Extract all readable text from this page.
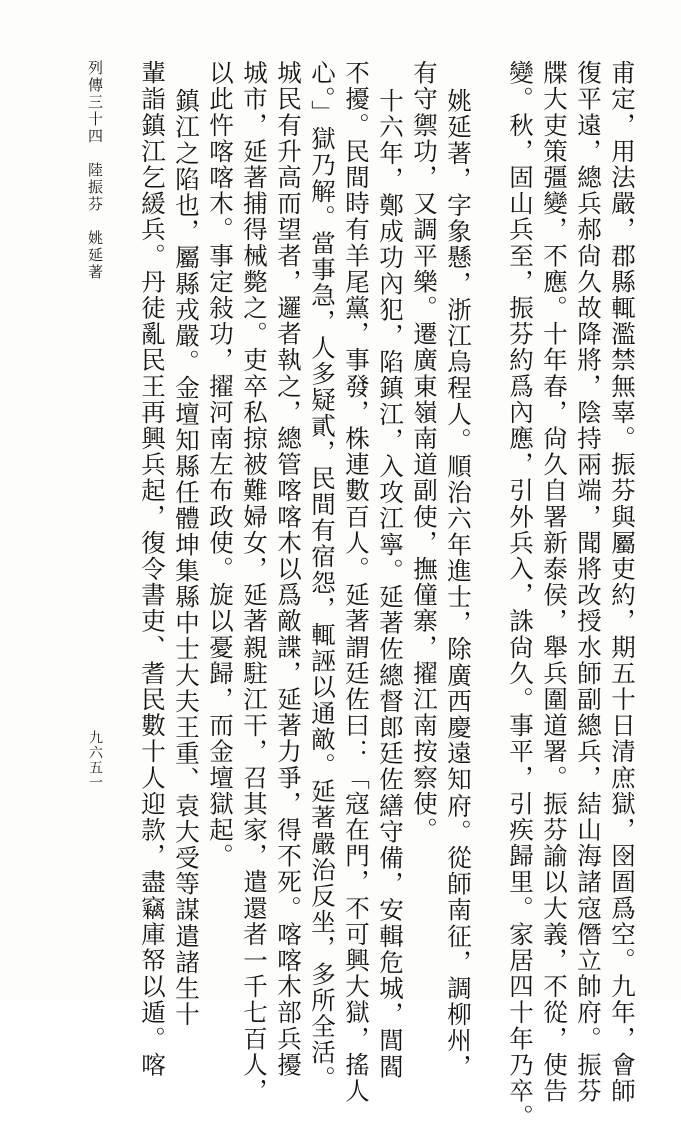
甫定，用法嚴，郡縣輒濫禁無辜。振芬與屬吏約，期五十日清庶獄，囹圄爲空。九年，會師
復平遠，總兵郝尙久故降將，陰持兩端，聞將改授水師副總兵，結山海諸寇僭立帥府。振芬
牒大吏策彊變，不應。十年春，尙久自署新泰侯，舉兵圍道署。振芬諭以大義，不從，使告
變。秋，固山兵至，振芬約爲內應，引外兵入，誅尙久。事平，引疾歸里。家居四十年乃卒。
姚延著，字象懸，浙江烏程人。順治六年進士，除廣西慶遠知府。從師南征，調柳州，
有守禦功，又調平樂。遷廣東嶺南道副使，撫僮寨，擢江南按察使。
十六年，鄭成功內犯，陷鎮江，入攻江寧。延著佐總督郎廷佐繕守備，安輯危城，閭閻
不擾。民間時有羊尾黨，事發，株連數百人。延著謂廷佐曰：「寇在門，不可興大獄，搖人
心。」獄乃解。當事急，人多疑貳，民間有宿怨，輒誣以通敵。延著嚴治反坐，多所全活。
城民有升高而望者，邏者執之，總管喀喀木以爲敵諜，延著力爭，得不死。喀喀木部兵擾
城市，延著捕得械斃之。吏卒私掠被難婦女，延著親駐江干，召其家，遣還者一千七百人，
以此忤喀喀木。事定敍功，擢河南左布政使。旋以憂歸，而金壇獄起。
鎮江之陷也，屬縣戎嚴。金壇知縣任體坤集縣中士大夫王重、袁大受等謀遣諸生十
輩詣鎮江乞緩兵。丹徒亂民王再興兵起，復令書吏、耆民數十人迎款，盡竊庫帑以遁。喀
列傳三十四　陸振芬　姚延著
九六五一
